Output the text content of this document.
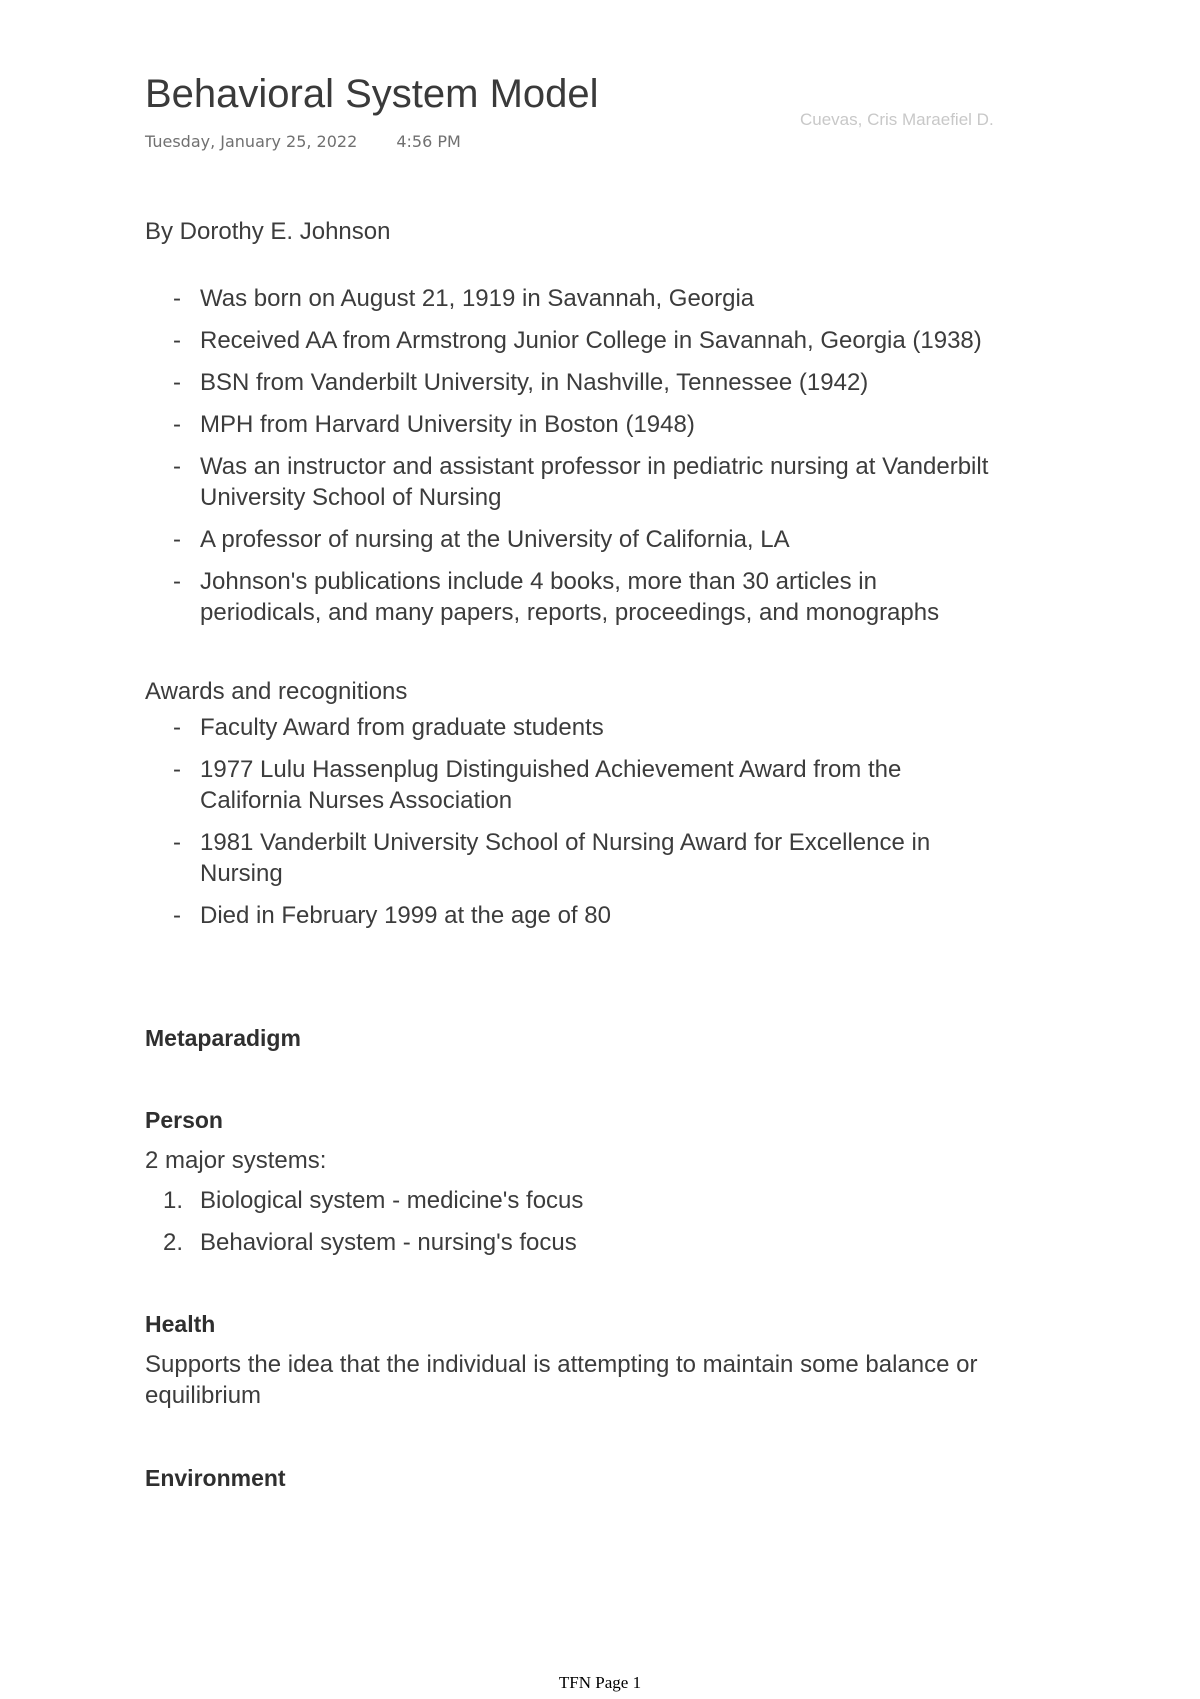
Behavioral System Model
Tuesday, January 25, 2022 4:56 PM
Cuevas, Cris Maraefiel D.

By Dorothy E. Johnson

- Was born on August 21, 1919 in Savannah, Georgia
- Received AA from Armstrong Junior College in Savannah, Georgia (1938)
- BSN from Vanderbilt University, in Nashville, Tennessee (1942)
- MPH from Harvard University in Boston (1948)
- Was an instructor and assistant professor in pediatric nursing at Vanderbilt University School of Nursing
- A professor of nursing at the University of California, LA
- Johnson's publications include 4 books, more than 30 articles in periodicals, and many papers, reports, proceedings, and monographs

Awards and recognitions

- Faculty Award from graduate students
- 1977 Lulu Hassenplug Distinguished Achievement Award from the California Nurses Association
- 1981 Vanderbilt University School of Nursing Award for Excellence in Nursing
- Died in February 1999 at the age of 80

Metaparadigm

Person

2 major systems:

1. Biological system - medicine's focus
2. Behavioral system - nursing's focus

Health

Supports the idea that the individual is attempting to maintain some balance or equilibrium

Environment

TFN Page 1
